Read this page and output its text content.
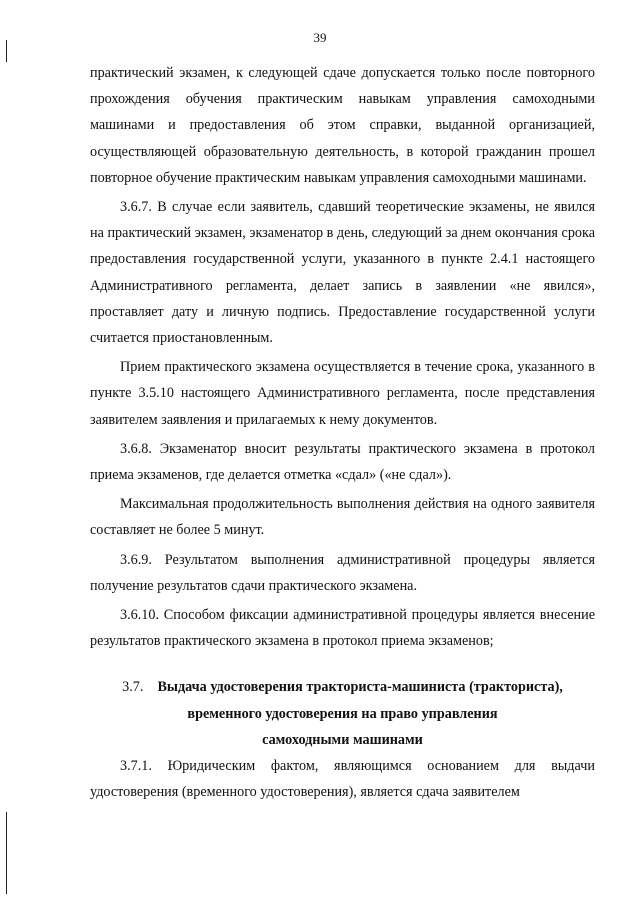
39

практический экзамен, к следующей сдаче допускается только после повторного прохождения обучения практическим навыкам управления самоходными машинами и предоставления об этом справки, выданной организацией, осуществляющей образовательную деятельность, в которой гражданин прошел повторное обучение практическим навыкам управления самоходными машинами.

3.6.7. В случае если заявитель, сдавший теоретические экзамены, не явился на практический экзамен, экзаменатор в день, следующий за днем окончания срока предоставления государственной услуги, указанного в пункте 2.4.1 настоящего Административного регламента, делает запись в заявлении «не явился», проставляет дату и личную подпись. Предоставление государственной услуги считается приостановленным.

Прием практического экзамена осуществляется в течение срока, указанного в пункте 3.5.10 настоящего Административного регламента, после представления заявителем заявления и прилагаемых к нему документов.

3.6.8. Экзаменатор вносит результаты практического экзамена в протокол приема экзаменов, где делается отметка «сдал» («не сдал»).

Максимальная продолжительность выполнения действия на одного заявителя составляет не более 5 минут.

3.6.9. Результатом выполнения административной процедуры является получение результатов сдачи практического экзамена.

3.6.10. Способом фиксации административной процедуры является внесение результатов практического экзамена в протокол приема экзаменов;

3.7. Выдача удостоверения тракториста-машиниста (тракториста),
временного удостоверения на право управления
самоходными машинами

3.7.1. Юридическим фактом, являющимся основанием для выдачи удостоверения (временного удостоверения), является сдача заявителем
